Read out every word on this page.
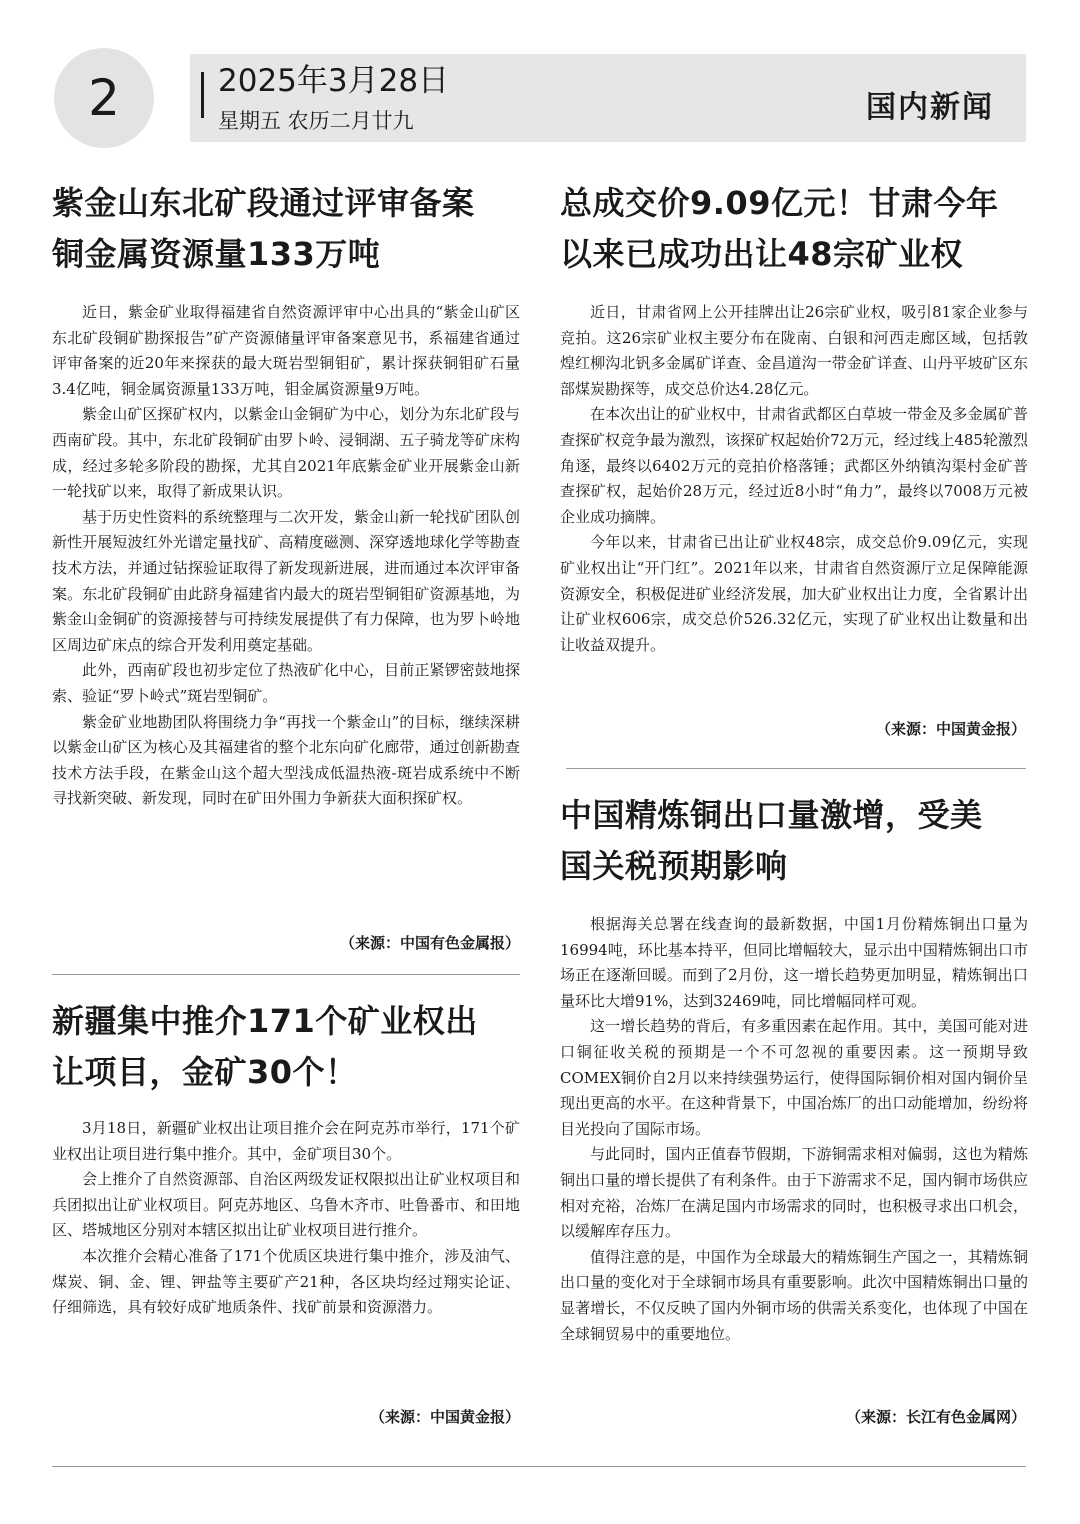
2	2025年3月28日
星期五 农历二月廿九	国内新闻
紫金山东北矿段通过评审备案
铜金属资源量133万吨

近日，紫金矿业取得福建省自然资源评审中心出具的“紫金山矿区东北矿段铜矿勘探报告”矿产资源储量评审备案意见书，系福建省通过评审备案的近20年来探获的最大斑岩型铜钼矿，累计探获铜钼矿石量3.4亿吨，铜金属资源量133万吨，钼金属资源量9万吨。

紫金山矿区探矿权内，以紫金山金铜矿为中心，划分为东北矿段与西南矿段。其中，东北矿段铜矿由罗卜岭、浸铜湖、五子骑龙等矿床构成，经过多轮多阶段的勘探，尤其自2021年底紫金矿业开展紫金山新一轮找矿以来，取得了新成果认识。

基于历史性资料的系统整理与二次开发，紫金山新一轮找矿团队创新性开展短波红外光谱定量找矿、高精度磁测、深穿透地球化学等勘查技术方法，并通过钻探验证取得了新发现新进展，进而通过本次评审备案。东北矿段铜矿由此跻身福建省内最大的斑岩型铜钼矿资源基地，为紫金山金铜矿的资源接替与可持续发展提供了有力保障，也为罗卜岭地区周边矿床点的综合开发利用奠定基础。

此外，西南矿段也初步定位了热液矿化中心，目前正紧锣密鼓地探索、验证“罗卜岭式”斑岩型铜矿。

紫金矿业地勘团队将围绕力争“再找一个紫金山”的目标，继续深耕以紫金山矿区为核心及其福建省的整个北东向矿化廊带，通过创新勘查技术方法手段，在紫金山这个超大型浅成低温热液-斑岩成系统中不断寻找新突破、新发现，同时在矿田外围力争新获大面积探矿权。

（来源：中国有色金属报）
新疆集中推介171个矿业权出
让项目，金矿30个！

3月18日，新疆矿业权出让项目推介会在阿克苏市举行，171个矿业权出让项目进行集中推介。其中，金矿项目30个。

会上推介了自然资源部、自治区两级发证权限拟出让矿业权项目和兵团拟出让矿业权项目。阿克苏地区、乌鲁木齐市、吐鲁番市、和田地区、塔城地区分别对本辖区拟出让矿业权项目进行推介。

本次推介会精心准备了171个优质区块进行集中推介，涉及油气、煤炭、铜、金、锂、钾盐等主要矿产21种，各区块均经过翔实论证、仔细筛选，具有较好成矿地质条件、找矿前景和资源潜力。

（来源：中国黄金报）
总成交价9.09亿元！甘肃今年
以来已成功出让48宗矿业权

近日，甘肃省网上公开挂牌出让26宗矿业权，吸引81家企业参与竞拍。这26宗矿业权主要分布在陇南、白银和河西走廊区域，包括敦煌红柳沟北钒多金属矿详查、金昌道沟一带金矿详查、山丹平坡矿区东部煤炭勘探等，成交总价达4.28亿元。

在本次出让的矿业权中，甘肃省武都区白草坡一带金及多金属矿普查探矿权竞争最为激烈，该探矿权起始价72万元，经过线上485轮激烈角逐，最终以6402万元的竞拍价格落锤；武都区外纳镇沟渠村金矿普查探矿权，起始价28万元，经过近8小时“角力”，最终以7008万元被企业成功摘牌。

今年以来，甘肃省已出让矿业权48宗，成交总价9.09亿元，实现矿业权出让“开门红”。2021年以来，甘肃省自然资源厅立足保障能源资源安全，积极促进矿业经济发展，加大矿业权出让力度，全省累计出让矿业权606宗，成交总价526.32亿元，实现了矿业权出让数量和出让收益双提升。

（来源：中国黄金报）
中国精炼铜出口量激增，受美
国关税预期影响

根据海关总署在线查询的最新数据，中国1月份精炼铜出口量为16994吨，环比基本持平，但同比增幅较大，显示出中国精炼铜出口市场正在逐渐回暖。而到了2月份，这一增长趋势更加明显，精炼铜出口量环比大增91%，达到32469吨，同比增幅同样可观。

这一增长趋势的背后，有多重因素在起作用。其中，美国可能对进口铜征收关税的预期是一个不可忽视的重要因素。这一预期导致COMEX铜价自2月以来持续强势运行，使得国际铜价相对国内铜价呈现出更高的水平。在这种背景下，中国冶炼厂的出口动能增加，纷纷将目光投向了国际市场。

与此同时，国内正值春节假期，下游铜需求相对偏弱，这也为精炼铜出口量的增长提供了有利条件。由于下游需求不足，国内铜市场供应相对充裕，冶炼厂在满足国内市场需求的同时，也积极寻求出口机会，以缓解库存压力。

值得注意的是，中国作为全球最大的精炼铜生产国之一，其精炼铜出口量的变化对于全球铜市场具有重要影响。此次中国精炼铜出口量的显著增长，不仅反映了国内外铜市场的供需关系变化，也体现了中国在全球铜贸易中的重要地位。

（来源：长江有色金属网）
